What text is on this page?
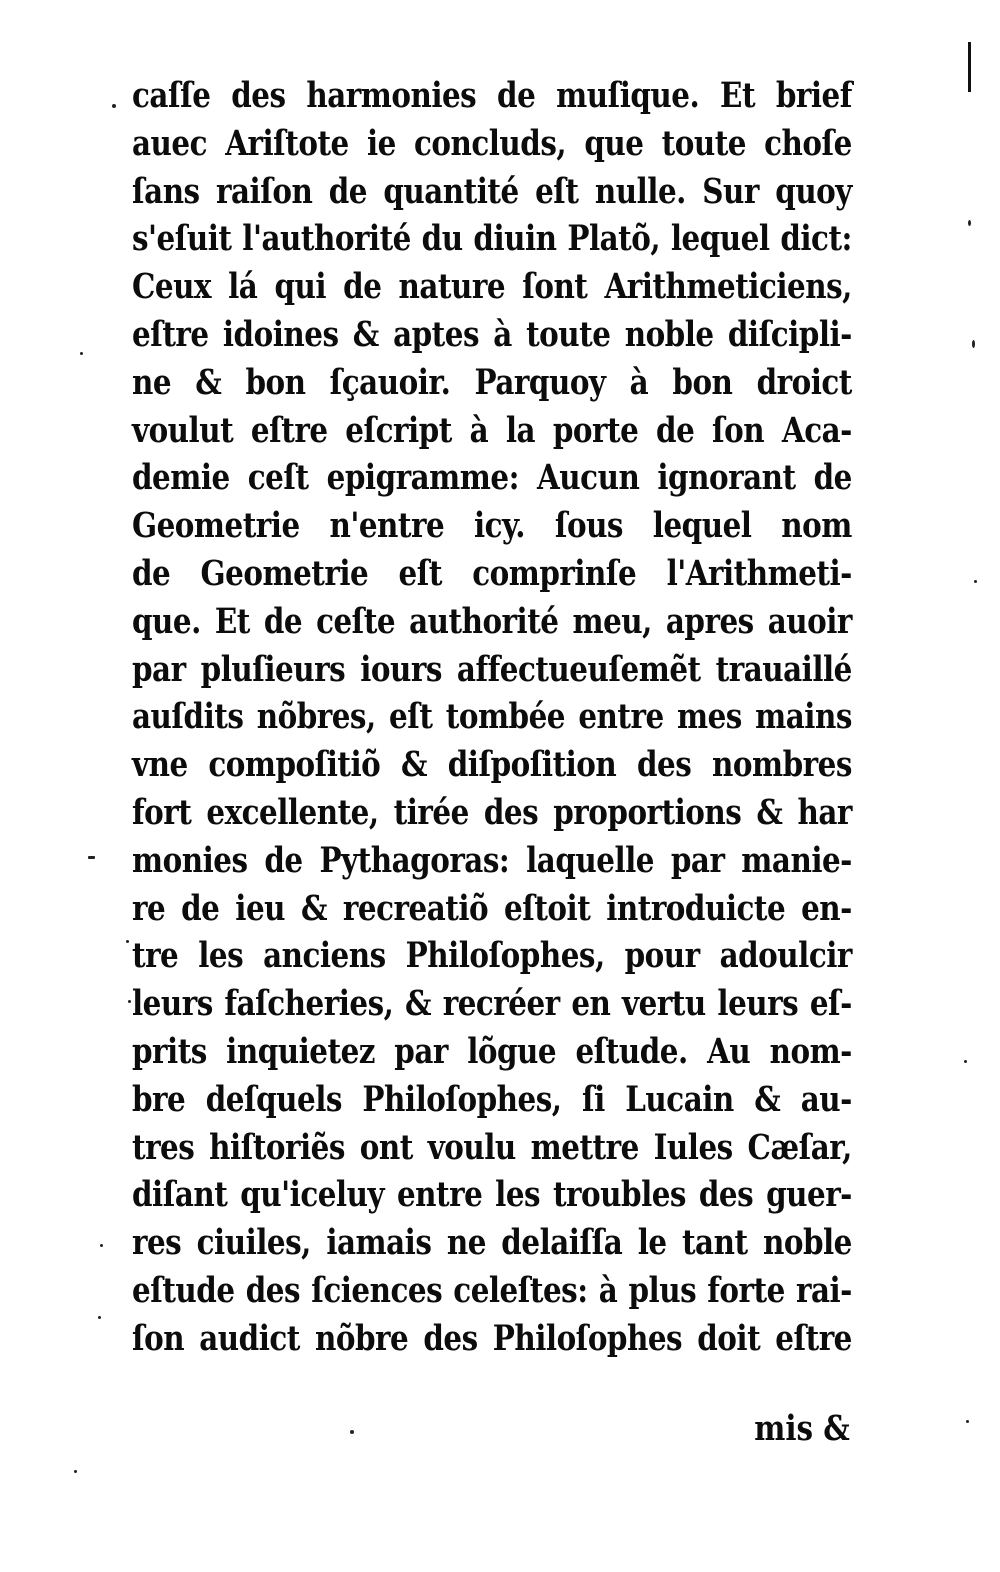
caſſe des harmonies de muſique. Et brief
auec Ariſtote ie concluds, que toute choſe
ſans raiſon de quantité eſt nulle. Sur quoy
s'eſuit l'authorité du diuin Platõ, lequel dict:
Ceux lá qui de nature ſont Arithmeticiens,
eſtre idoines & aptes à toute noble diſcipli-
ne & bon ſçauoir. Parquoy à bon droict
voulut eſtre eſcript à la porte de ſon Aca-
demie ceſt epigramme: Aucun ignorant de
Geometrie n'entre icy. ſous lequel nom
de Geometrie eſt comprinſe l'Arithmeti-
que. Et de ceſte authorité meu, apres auoir
par pluſieurs iours affectueuſemẽt trauaillé
auſdits nõbres, eſt tombée entre mes mains
vne compoſitiõ & diſpoſition des nombres
fort excellente, tirée des proportions & har
monies de Pythagoras: laquelle par manie-
re de ieu & recreatiõ eſtoit introduicte en-
tre les anciens Philoſophes, pour adoulcir
leurs faſcheries, & recréer en vertu leurs eſ-
prits inquietez par lõgue eſtude. Au nom-
bre deſquels Philoſophes, ſi Lucain & au-
tres hiſtoriẽs ont voulu mettre Iules Cæſar,
diſant qu'iceluy entre les troubles des guer-
res ciuiles, iamais ne delaiſſa le tant noble
eſtude des ſciences celeſtes: à plus forte rai-
ſon audict nõbre des Philoſophes doit eſtre
mis &
